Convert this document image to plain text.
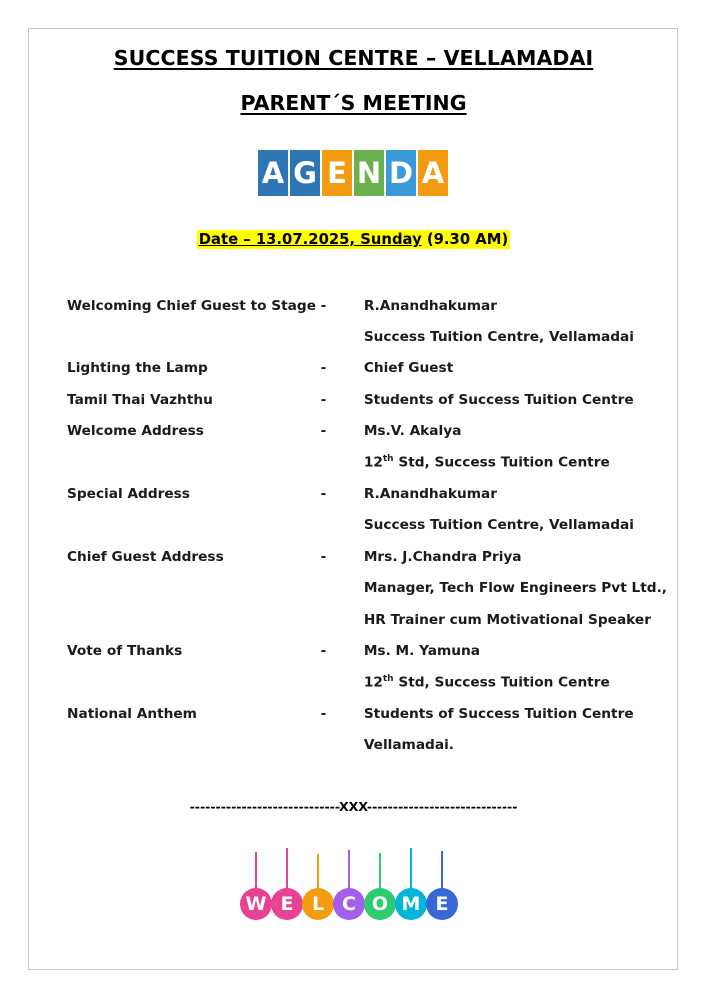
SUCCESS TUITION CENTRE – VELLAMADAI
PARENT´S MEETING
A G E N D A
Date – 13.07.2025, Sunday (9.30 AM)
Welcoming Chief Guest to Stage	-	R.Anandhakumar
		Success Tuition Centre, Vellamadai
Lighting the Lamp	-	Chief Guest
Tamil Thai Vazhthu	-	Students of Success Tuition Centre
Welcome Address	-	Ms.V. Akalya
		12th Std, Success Tuition Centre
Special Address	-	R.Anandhakumar
		Success Tuition Centre, Vellamadai
Chief Guest Address	-	Mrs. J.Chandra Priya
		Manager, Tech Flow Engineers Pvt Ltd.,
		HR Trainer cum Motivational Speaker
Vote of Thanks	-	Ms. M. Yamuna
		12th Std, Success Tuition Centre
National Anthem	-	Students of Success Tuition Centre
		Vellamadai.
-----------------------------XXX-----------------------------
W E L C O M E
